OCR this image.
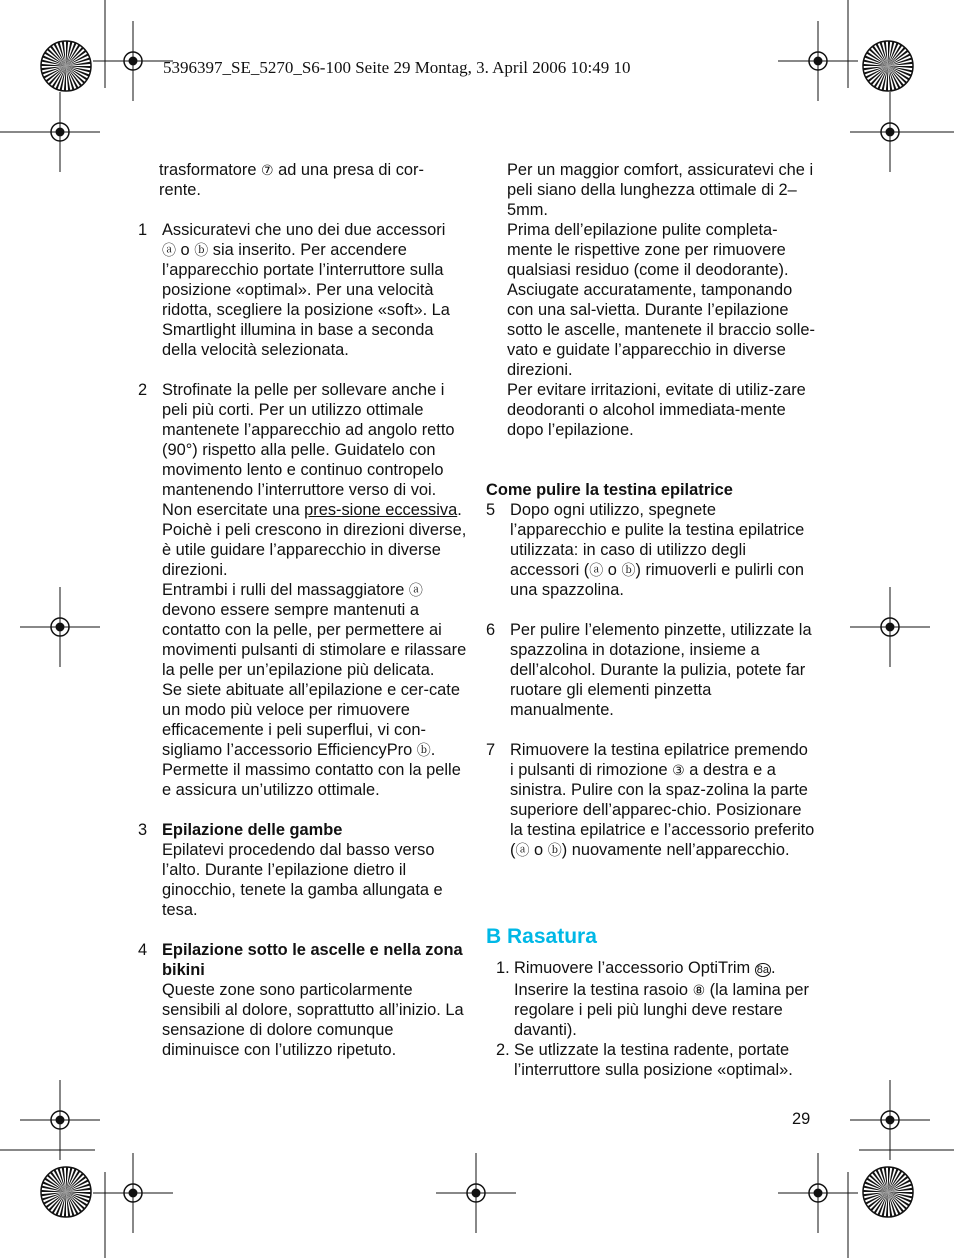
5396397_SE_5270_S6-100 Seite 29 Montag, 3. April 2006 10:49 10
trasformatore ⑦ ad una presa di cor-
rente.
1 Assicuratevi che uno dei due accessori
ⓐ o ⓑ sia inserito. Per accendere l’apparecchio portate l’interruttore sulla posizione «optimal». Per una velocità ridotta, scegliere la posizione «soft». La Smartlight illumina in base a seconda della velocità selezionata.
2 Strofinate la pelle per sollevare anche i peli più corti. Per un utilizzo ottimale mantenete l’apparecchio ad angolo retto (90°) rispetto alla pelle. Guidatelo con movimento lento e continuo contropelo mantenendo l’interruttore verso di voi. Non esercitate una pres-sione eccessiva.
Poichè i peli crescono in direzioni diverse, è utile guidare l’apparecchio in diverse direzioni.
Entrambi i rulli del massaggiatore ⓐ devono essere sempre mantenuti a contatto con la pelle, per permettere ai movimenti pulsanti di stimolare e rilassare la pelle per un’epilazione più delicata.
Se siete abituate all’epilazione e cer-cate un modo più veloce per rimuovere efficacemente i peli superflui, vi con-sigliamo l’accessorio EfficiencyPro ⓑ. Permette il massimo contatto con la pelle e assicura un’utilizzo ottimale.
3 Epilazione delle gambe
Epilatevi procedendo dal basso verso l’alto. Durante l’epilazione dietro il ginocchio, tenete la gamba allungata e tesa.
4 Epilazione sotto le ascelle e nella zona bikini
Queste zone sono particolarmente sensibili al dolore, soprattutto all’inizio. La sensazione di dolore comunque diminuisce con l’utilizzo ripetuto.
Per un maggior comfort, assicuratevi che i peli siano della lunghezza ottimale di 2–5mm.
Prima dell’epilazione pulite completa-mente le rispettive zone per rimuovere qualsiasi residuo (come il deodorante). Asciugate accuratamente, tamponando con una sal-vietta. Durante l’epilazione sotto le ascelle, mantenete il braccio solle-vato e guidate l’apparecchio in diverse direzioni.
Per evitare irritazioni, evitate di utiliz-zare deodoranti o alcohol immediata-mente dopo l’epilazione.
Come pulire la testina epilatrice
5 Dopo ogni utilizzo, spegnete l’apparecchio e pulite la testina epilatrice utilizzata: in caso di utilizzo degli accessori (ⓐ o ⓑ) rimuoverli e pulirli con una spazzolina.
6 Per pulire l’elemento pinzette, utilizzate la spazzolina in dotazione, insieme a dell’alcohol. Durante la pulizia, potete far ruotare gli elementi pinzetta manualmente.
7 Rimuovere la testina epilatrice premendo i pulsanti di rimozione ③ a destra e a sinistra. Pulire con la spaz-zolina la parte superiore dell’apparec-chio. Posizionare la testina epilatrice e l’accessorio preferito (ⓐ o ⓑ) nuovamente nell’apparecchio.
B Rasatura
1. Rimuovere l’accessorio OptiTrim 8a . Inserire la testina rasoio ⑧ (la lamina per regolare i peli più lunghi deve restare davanti).
2. Se utlizzate la testina radente, portate l’interruttore sulla posizione «optimal».
29
